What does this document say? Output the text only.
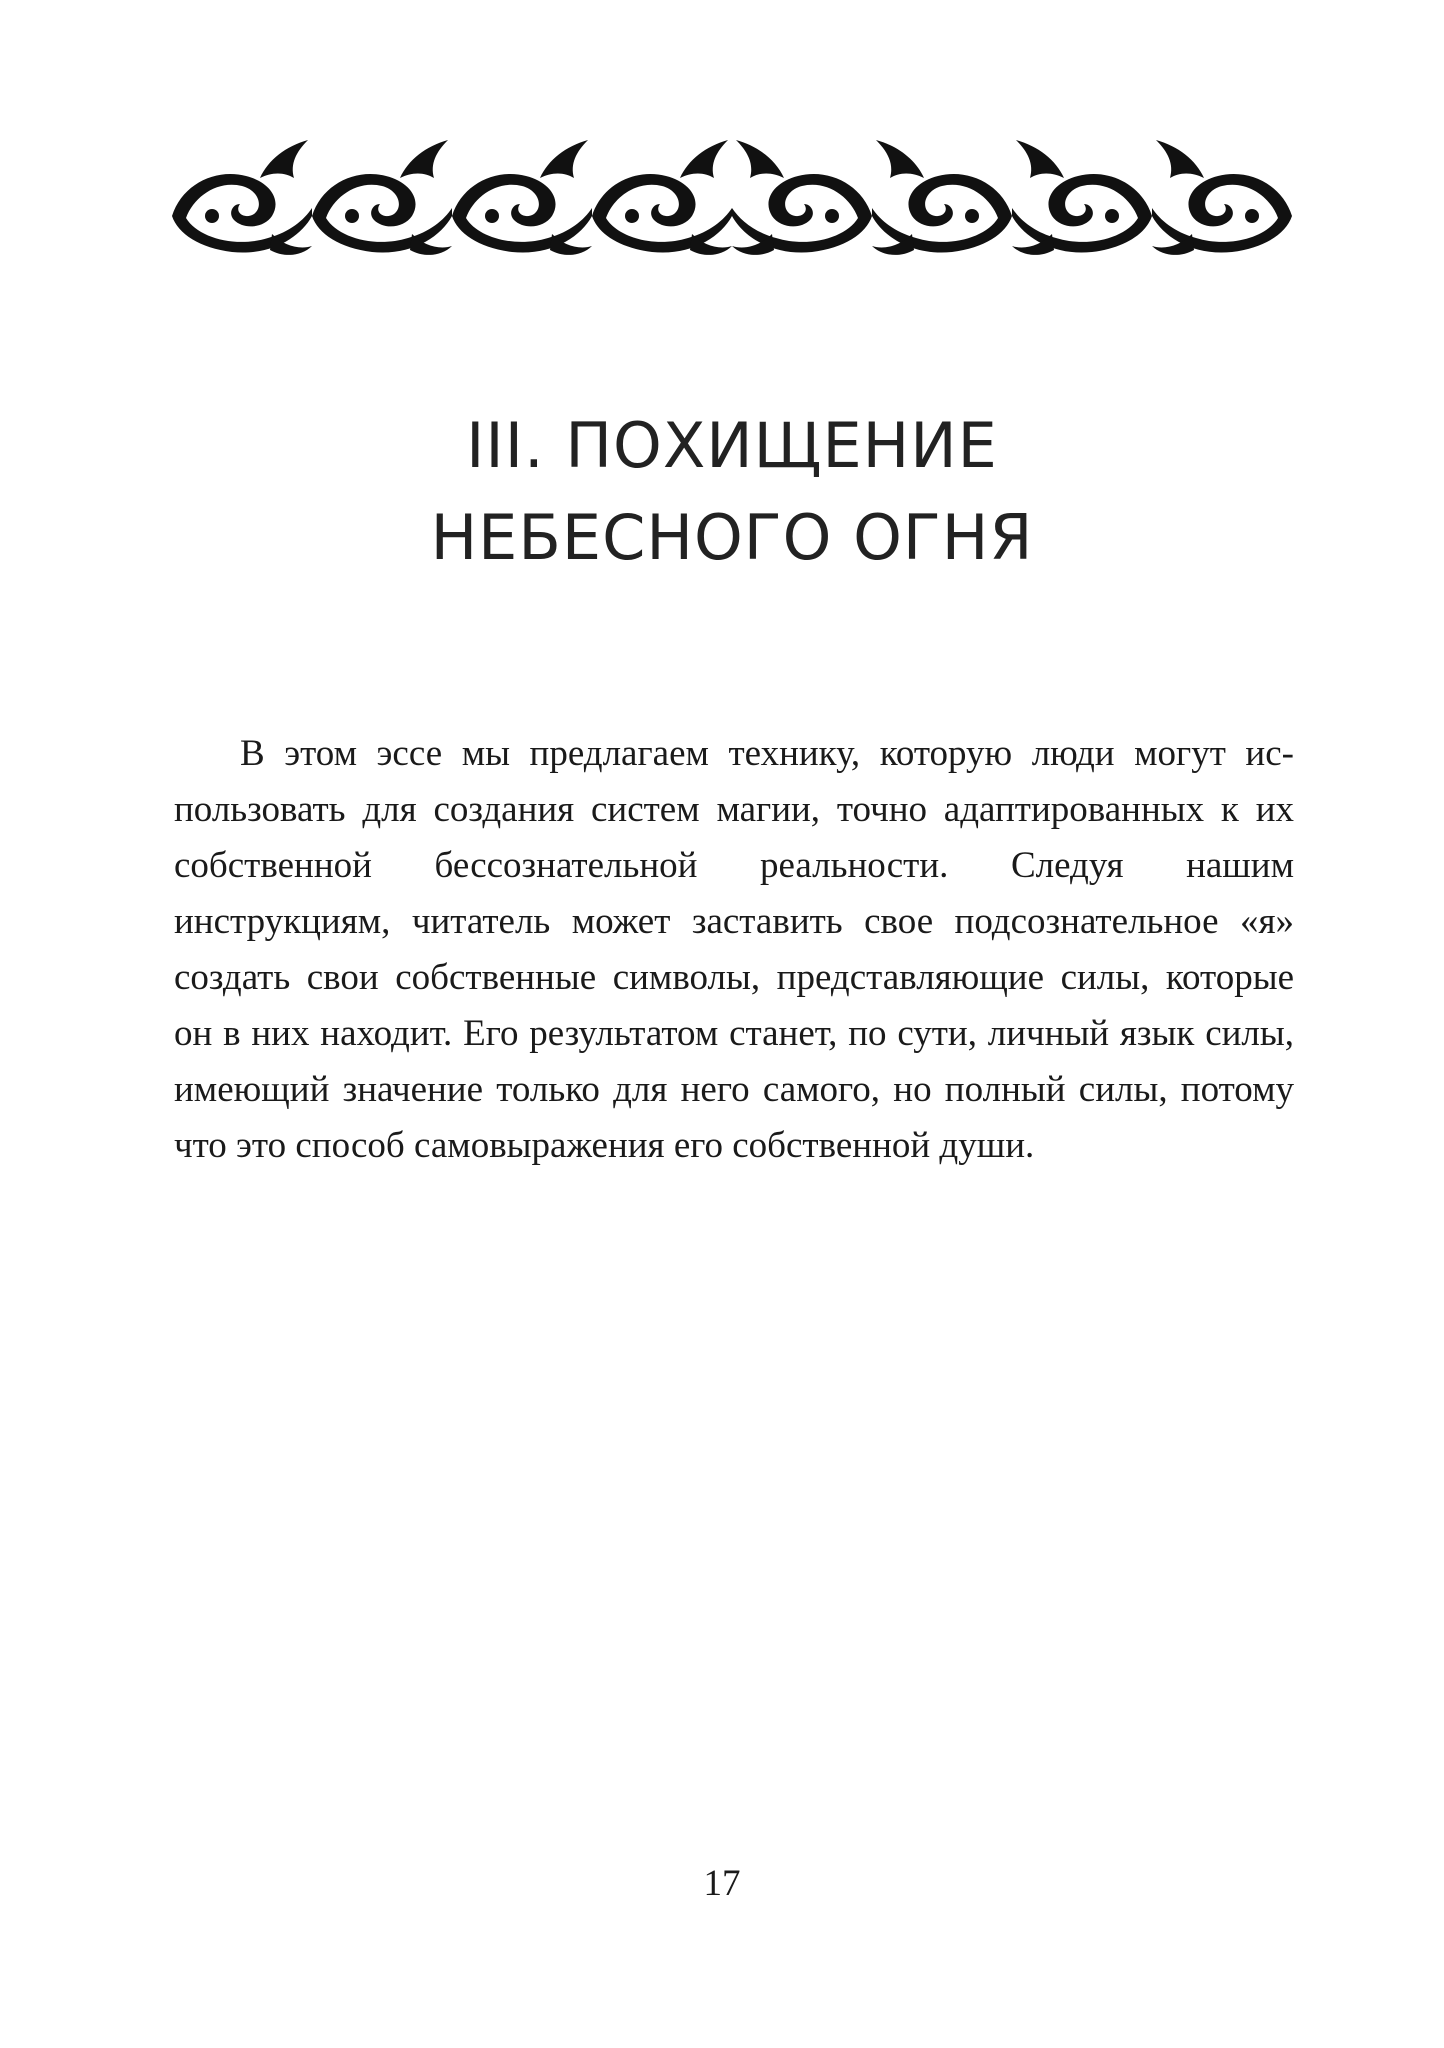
III. ПОХИЩЕНИЕ
НЕБЕСНОГО ОГНЯ

В этом эссе мы предлагаем технику, которую люди могут использовать для создания систем магии, точно адаптированных к их собственной бессознательной реальности. Следуя нашим инструкциям, читатель может заставить свое подсознательное «я» создать свои собственные символы, представляющие силы, которые он в них находит. Его результатом станет, по сути, личный язык силы, имеющий значение только для него самого, но полный силы, потому что это способ самовыражения его собственной души.

17
